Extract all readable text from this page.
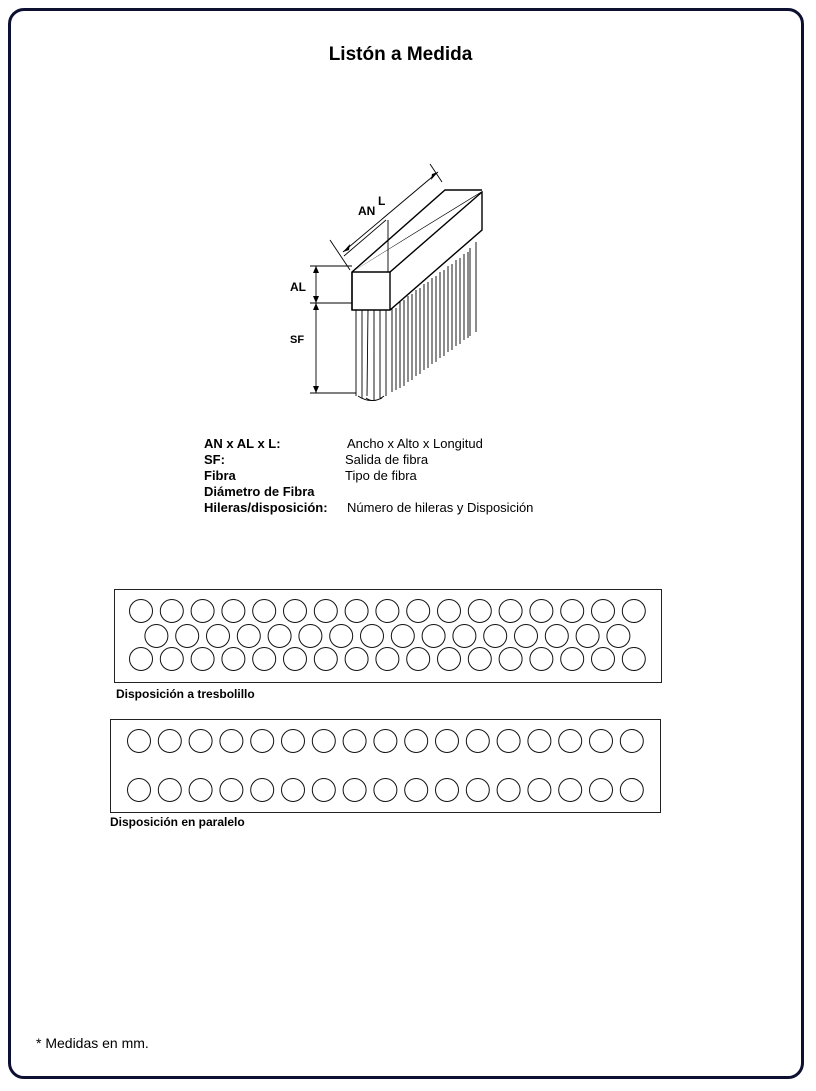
Listón a Medida
AN
L
AL
SF
AN x AL x L:	Ancho x Alto x Longitud
SF:	Salida de fibra
Fibra	Tipo de fibra
Diámetro de Fibra
Hileras/disposición: Número de hileras y Disposición
Disposición a tresbolillo
Disposición en paralelo
* Medidas en mm.
